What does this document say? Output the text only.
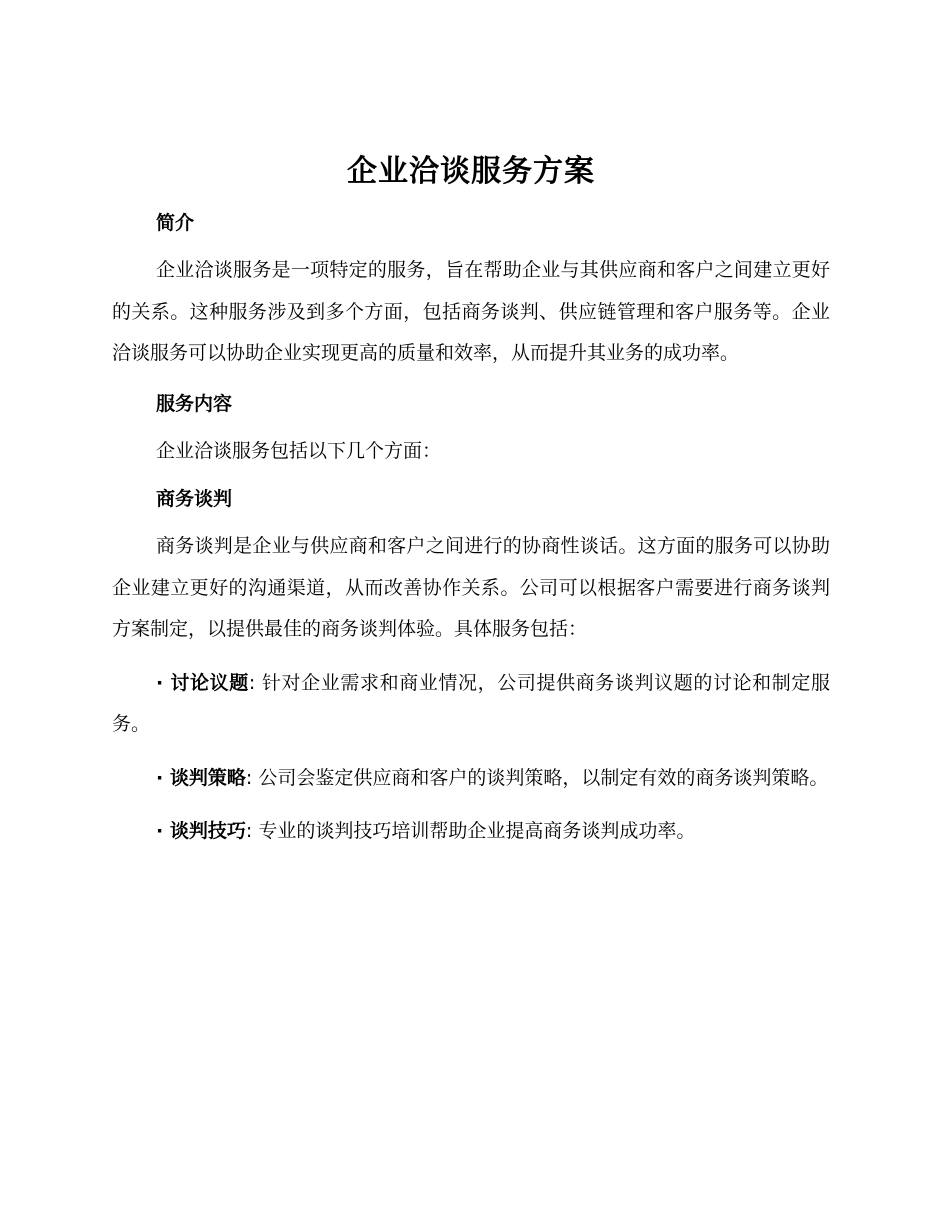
企业洽谈服务方案
简介

企业洽谈服务是一项特定的服务，旨在帮助企业与其供应商和客户之间建立更好的关系。这种服务涉及到多个方面，包括商务谈判、供应链管理和客户服务等。企业洽谈服务可以协助企业实现更高的质量和效率，从而提升其业务的成功率。

服务内容

企业洽谈服务包括以下几个方面：

商务谈判

商务谈判是企业与供应商和客户之间进行的协商性谈话。这方面的服务可以协助企业建立更好的沟通渠道，从而改善协作关系。公司可以根据客户需要进行商务谈判方案制定，以提供最佳的商务谈判体验。具体服务包括：

· 讨论议题: 针对企业需求和商业情况，公司提供商务谈判议题的讨论和制定服务。

· 谈判策略: 公司会鉴定供应商和客户的谈判策略，以制定有效的商务谈判策略。

· 谈判技巧: 专业的谈判技巧培训帮助企业提高商务谈判成功率。
